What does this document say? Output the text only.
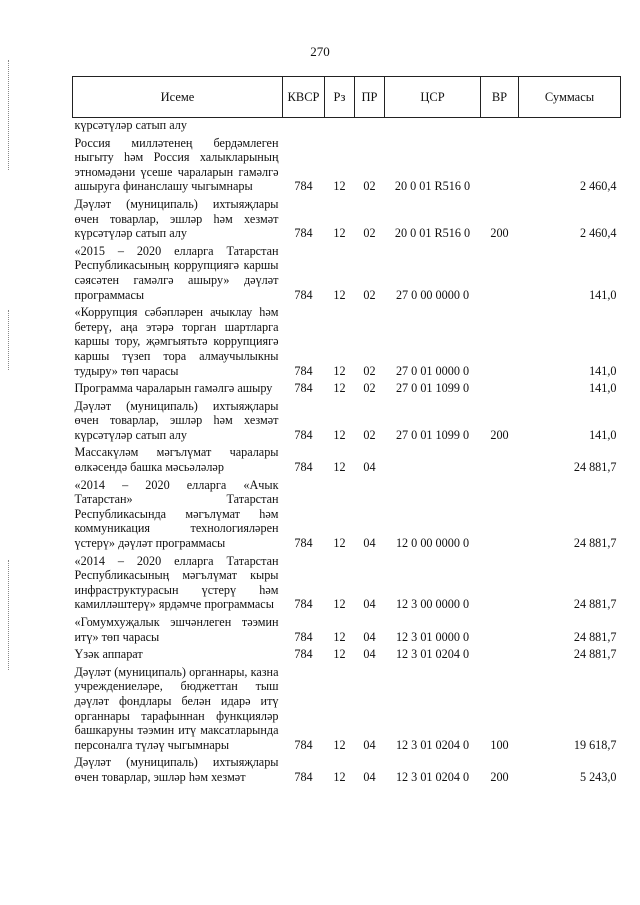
270
Исеме	КВСР	Рз	ПР	ЦСР	ВР	Суммасы
күрсәтүләр сатып алу						
Россия милләтенең бердәмлеген ныгыту һәм Россия халыкларының этномәдәни үсеше чараларын гамәлгә ашыруга финанслашу чыгымнары	784	12	02	20 0 01 R516 0		2 460,4
Дәүләт (муниципаль) ихтыяҗлары өчен товарлар, эшләр һәм хезмәт күрсәтүләр сатып алу	784	12	02	20 0 01 R516 0	200	2 460,4
«2015 – 2020 елларга Татарстан Республикасының коррупциягә каршы сәясәтен гамәлгә ашыру» дәүләт программасы	784	12	02	27 0 00 0000 0		141,0
«Коррупция сәбәпләрен ачыклау һәм бетерү, аңа этәрә торган шартларга каршы тору, җәмгыятьтә коррупциягә каршы түзеп тора алмаучылыкны тудыру» төп чарасы	784	12	02	27 0 01 0000 0		141,0
Программа чараларын гамәлгә ашыру	784	12	02	27 0 01 1099 0		141,0
Дәүләт (муниципаль) ихтыяҗлары өчен товарлар, эшләр һәм хезмәт күрсәтүләр сатып алу	784	12	02	27 0 01 1099 0	200	141,0
Массакүләм мәгълүмат чаралары өлкәсендә башка мәсьәләләр	784	12	04			24 881,7
«2014 – 2020 елларга «Ачык Татарстан» Татарстан Республикасында мәгълүмат һәм коммуникация технологияләрен үстерү» дәүләт программасы	784	12	04	12 0 00 0000 0		24 881,7
«2014 – 2020 елларга Татарстан Республикасының мәгълүмат кыры инфраструктурасын үстерү һәм камилләштерү» ярдәмче программасы	784	12	04	12 3 00 0000 0		24 881,7
«Гомумхуҗалык эшчәнлеген тәэмин итү» төп чарасы	784	12	04	12 3 01 0000 0		24 881,7
Үзәк аппарат	784	12	04	12 3 01 0204 0		24 881,7
Дәүләт (муниципаль) органнары, казна учреждениеләре, бюджеттан тыш дәүләт фондлары белән идарә итү органнары тарафыннан функцияләр башкаруны тәэмин итү максатларында персоналга түләү чыгымнары	784	12	04	12 3 01 0204 0	100	19 618,7
Дәүләт (муниципаль) ихтыяҗлары өчен товарлар, эшләр һәм хезмәт	784	12	04	12 3 01 0204 0	200	5 243,0
